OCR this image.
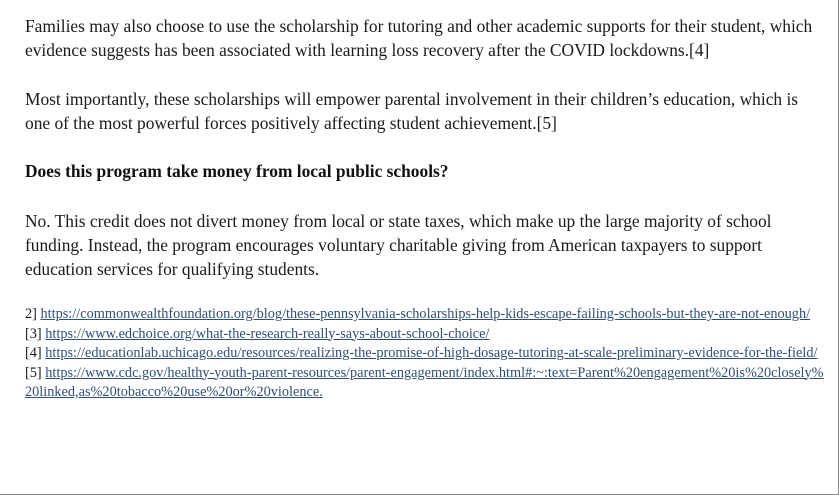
Families may also choose to use the scholarship for tutoring and other academic supports for their student, which evidence suggests has been associated with learning loss recovery after the COVID lockdowns.[4]

Most importantly, these scholarships will empower parental involvement in their children’s education, which is one of the most powerful forces positively affecting student achievement.[5]

Does this program take money from local public schools?

No. This credit does not divert money from local or state taxes, which make up the large majority of school funding. Instead, the program encourages voluntary charitable giving from American taxpayers to support education services for qualifying students.

2] https://commonwealthfoundation.org/blog/these-pennsylvania-scholarships-help-kids-escape-failing-schools-but-they-are-not-enough/
[3] https://www.edchoice.org/what-the-research-really-says-about-school-choice/
[4] https://educationlab.uchicago.edu/resources/realizing-the-promise-of-high-dosage-tutoring-at-scale-preliminary-evidence-for-the-field/
[5] https://www.cdc.gov/healthy-youth-parent-resources/parent-engagement/index.html#:~:text=Parent%20engagement%20is%20closely%20linked,as%20tobacco%20use%20or%20violence.
